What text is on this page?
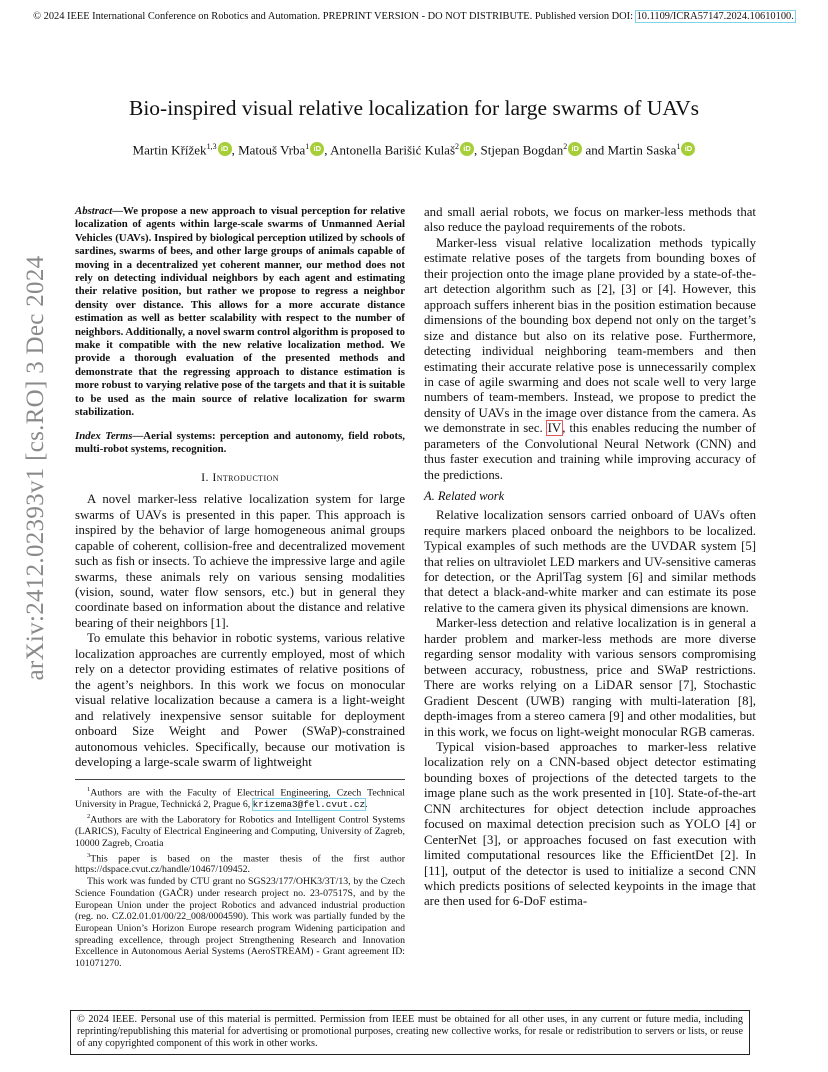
© 2024 IEEE International Conference on Robotics and Automation. PREPRINT VERSION - DO NOT DISTRIBUTE. Published version DOI: 10.1109/ICRA57147.2024.10610100.
arXiv:2412.02393v1 [cs.RO] 3 Dec 2024
Bio-inspired visual relative localization for large swarms of UAVs
Martin Křížek$^{1,3}$ iD , Matouš Vrba$^1$ iD , Antonella Barišić Kulaš$^2$ iD , Stjepan Bogdan$^2$ iD and Martin Saska$^1$ iD

Abstract—We propose a new approach to visual perception for relative localization of agents within large-scale swarms of Unmanned Aerial Vehicles (UAVs). Inspired by biological perception utilized by schools of sardines, swarms of bees, and other large groups of animals capable of moving in a decentralized yet coherent manner, our method does not rely on detecting individual neighbors by each agent and estimating their relative position, but rather we propose to regress a neighbor density over distance. This allows for a more accurate distance estimation as well as better scalability with respect to the number of neighbors. Additionally, a novel swarm control algorithm is proposed to make it compatible with the new relative localization method. We provide a thorough evaluation of the presented methods and demonstrate that the regressing approach to distance estimation is more robust to varying relative pose of the targets and that it is suitable to be used as the main source of relative localization for swarm stabilization.

Index Terms—Aerial systems: perception and autonomy, field robots, multi-robot systems, recognition.

I. Introduction

A novel marker-less relative localization system for large swarms of UAVs is presented in this paper. This approach is inspired by the behavior of large homogeneous animal groups capable of coherent, collision-free and decentralized movement such as fish or insects. To achieve the impressive large and agile swarms, these animals rely on various sensing modalities (vision, sound, water flow sensors, etc.) but in general they coordinate based on information about the distance and relative bearing of their neighbors [1].

To emulate this behavior in robotic systems, various relative localization approaches are currently employed, most of which rely on a detector providing estimates of relative positions of the agent’s neighbors. In this work we focus on monocular visual relative localization because a camera is a light-weight and relatively inexpensive sensor suitable for deployment onboard Size Weight and Power (SWaP)-constrained autonomous vehicles. Specifically, because our motivation is developing a large-scale swarm of lightweight

$^1$Authors are with the Faculty of Electrical Engineering, Czech Technical University in Prague, Technická 2, Prague 6, krizema3@fel.cvut.cz.

$^2$Authors are with the Laboratory for Robotics and Intelligent Control Systems (LARICS), Faculty of Electrical Engineering and Computing, University of Zagreb, 10000 Zagreb, Croatia

$^3$This paper is based on the master thesis of the first author https://dspace.cvut.cz/handle/10467/109452.

This work was funded by CTU grant no SGS23/177/OHK3/3T/13, by the Czech Science Foundation (GAČR) under research project no. 23-07517S, and by the European Union under the project Robotics and advanced industrial production (reg. no. CZ.02.01.01/00/22_008/0004590). This work was partially funded by the European Union’s Horizon Europe research program Widening participation and spreading excellence, through project Strengthening Research and Innovation Excellence in Autonomous Aerial Systems (AeroSTREAM) - Grant agreement ID: 101071270.

and small aerial robots, we focus on marker-less methods that also reduce the payload requirements of the robots.

Marker-less visual relative localization methods typically estimate relative poses of the targets from bounding boxes of their projection onto the image plane provided by a state-of-the-art detection algorithm such as [2], [3] or [4]. However, this approach suffers inherent bias in the position estimation because dimensions of the bounding box depend not only on the target’s size and distance but also on its relative pose. Furthermore, detecting individual neighboring team-members and then estimating their accurate relative pose is unnecessarily complex in case of agile swarming and does not scale well to very large numbers of team-members. Instead, we propose to predict the density of UAVs in the image over distance from the camera. As we demonstrate in sec. IV, this enables reducing the number of parameters of the Convolutional Neural Network (CNN) and thus faster execution and training while improving accuracy of the predictions.

A. Related work

Relative localization sensors carried onboard of UAVs often require markers placed onboard the neighbors to be localized. Typical examples of such methods are the UVDAR system [5] that relies on ultraviolet LED markers and UV-sensitive cameras for detection, or the AprilTag system [6] and similar methods that detect a black-and-white marker and can estimate its pose relative to the camera given its physical dimensions are known.

Marker-less detection and relative localization is in general a harder problem and marker-less methods are more diverse regarding sensor modality with various sensors compromising between accuracy, robustness, price and SWaP restrictions. There are works relying on a LiDAR sensor [7], Stochastic Gradient Descent (UWB) ranging with multi-lateration [8], depth-images from a stereo camera [9] and other modalities, but in this work, we focus on light-weight monocular RGB cameras.

Typical vision-based approaches to marker-less relative localization rely on a CNN-based object detector estimating bounding boxes of projections of the detected targets to the image plane such as the work presented in [10]. State-of-the-art CNN architectures for object detection include approaches focused on maximal detection precision such as YOLO [4] or CenterNet [3], or approaches focused on fast execution with limited computational resources like the EfficientDet [2]. In [11], output of the detector is used to initialize a second CNN which predicts positions of selected keypoints in the image that are then used for 6-DoF estima-

© 2024 IEEE. Personal use of this material is permitted. Permission from IEEE must be obtained for all other uses, in any current or future media, including reprinting/republishing this material for advertising or promotional purposes, creating new collective works, for resale or redistribution to servers or lists, or reuse of any copyrighted component of this work in other works.
